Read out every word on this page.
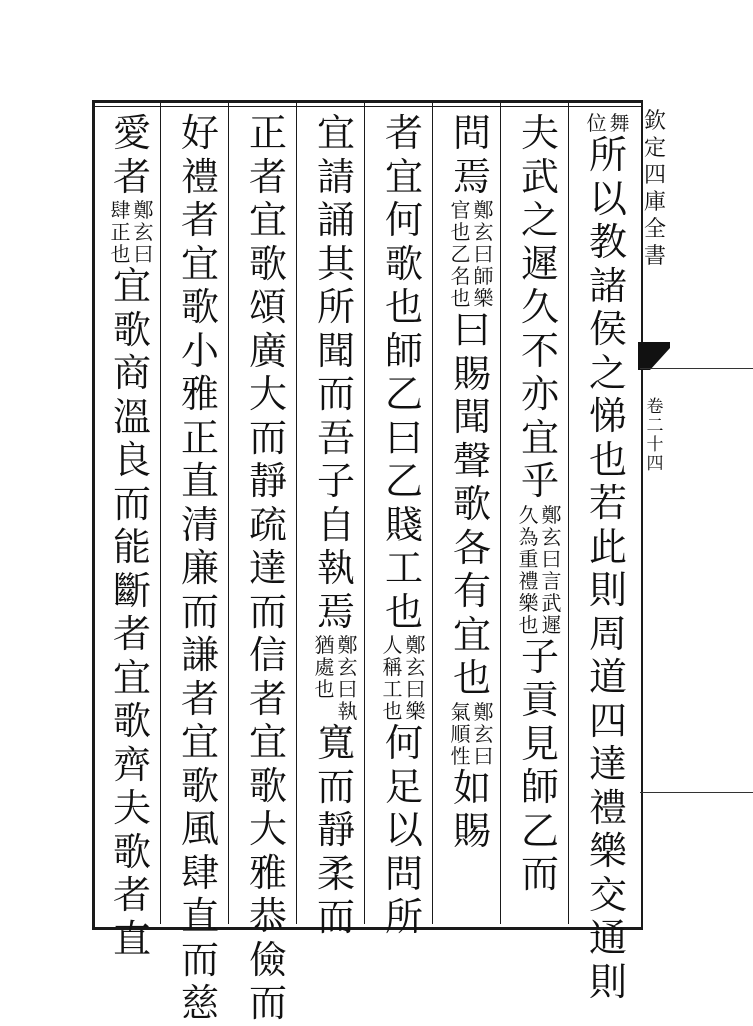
舞
位
所
以
教
諸
侯
之
悌
也
若
此
則
周
道
四
達
禮
樂
交
通
則
夫
武
之
遲
久
不
亦
宜
乎
鄭
玄
曰
言
武
遲
久
為
重
禮
樂
也
子
貢
見
師
乙
而
問
焉
鄭
玄
曰
師
樂
官
也
乙
名
也
曰
賜
聞
聲
歌
各
有
宜
也
鄭
玄
曰
氣
順
性
如
賜
者
宜
何
歌
也
師
乙
曰
乙
賤
工
也
鄭
玄
曰
樂
人
稱
工
也
何
足
以
問
所
宜
請
誦
其
所
聞
而
吾
子
自
執
焉
鄭
玄
曰
執
猶
處
也
寬
而
靜
柔
而
正
者
宜
歌
頌
廣
大
而
靜
疏
達
而
信
者
宜
歌
大
雅
恭
儉
而
好
禮
者
宜
歌
小
雅
正
直
清
廉
而
謙
者
宜
歌
風
肆
直
而
慈
愛
者
鄭
玄
曰
肆
正
也
宜
歌
商
溫
良
而
能
斷
者
宜
歌
齊
夫
歌
者
直
欽
定
四
庫
全
書
卷
二
十
四
